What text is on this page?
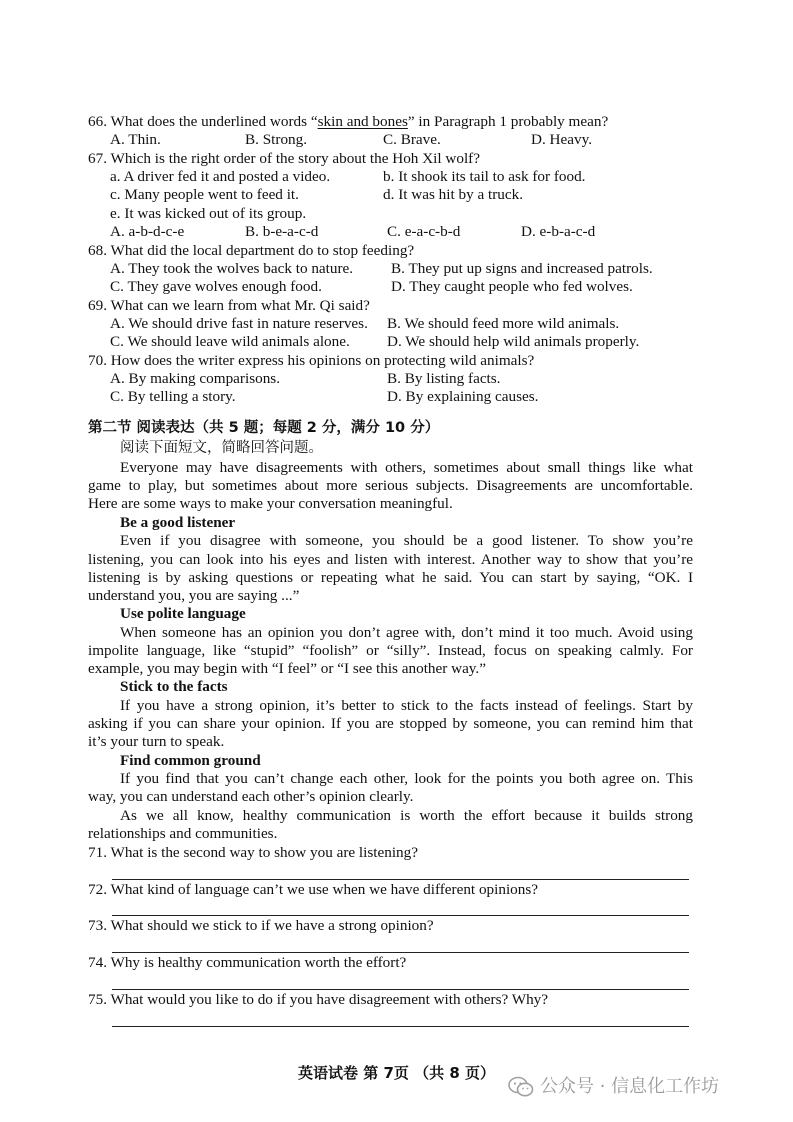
66. What does the underlined words “skin and bones” in Paragraph 1 probably mean?
A. Thin.	B. Strong.	C. Brave.	D. Heavy.
67. Which is the right order of the story about the Hoh Xil wolf?
a. A driver fed it and posted a video.	b. It shook its tail to ask for food.
c. Many people went to feed it.	d. It was hit by a truck.
e. It was kicked out of its group.
A. a-b-d-c-e	B. b-e-a-c-d	C. e-a-c-b-d	D. e-b-a-c-d
68. What did the local department do to stop feeding?
A. They took the wolves back to nature. B. They put up signs and increased patrols.
C. They gave wolves enough food.	D. They caught people who fed wolves.
69. What can we learn from what Mr. Qi said?
A. We should drive fast in nature reserves. B. We should feed more wild animals.
C. We should leave wild animals alone. D. We should help wild animals properly.
70. How does the writer express his opinions on protecting wild animals?
A. By making comparisons.	B. By listing facts.
C. By telling a story.	D. By explaining causes.
第二节 阅读表达（共 5 题；每题 2 分，满分 10 分）
阅读下面短文，简略回答问题。
Everyone may have disagreements with others, sometimes about small things like what
game to play, but sometimes about more serious subjects. Disagreements are uncomfortable.
Here are some ways to make your conversation meaningful.
Be a good listener
Even if you disagree with someone, you should be a good listener. To show you’re
listening, you can look into his eyes and listen with interest. Another way to show that you’re
listening is by asking questions or repeating what he said. You can start by saying, “OK. I
understand you, you are saying ...”
Use polite language
When someone has an opinion you don’t agree with, don’t mind it too much. Avoid using
impolite language, like “stupid” “foolish” or “silly”. Instead, focus on speaking calmly. For
example, you may begin with “I feel” or “I see this another way.”
Stick to the facts
If you have a strong opinion, it’s better to stick to the facts instead of feelings. Start by
asking if you can share your opinion. If you are stopped by someone, you can remind him that
it’s your turn to speak.
Find common ground
If you find that you can’t change each other, look for the points you both agree on. This
way, you can understand each other’s opinion clearly.
As we all know, healthy communication is worth the effort because it builds strong
relationships and communities.
71. What is the second way to show you are listening?
72. What kind of language can’t we use when we have different opinions?
73. What should we stick to if we have a strong opinion?
74. Why is healthy communication worth the effort?
75. What would you like to do if you have disagreement with others? Why?
英语试卷 第 7页 （共 8 页）
公众号 · 信息化工作坊
